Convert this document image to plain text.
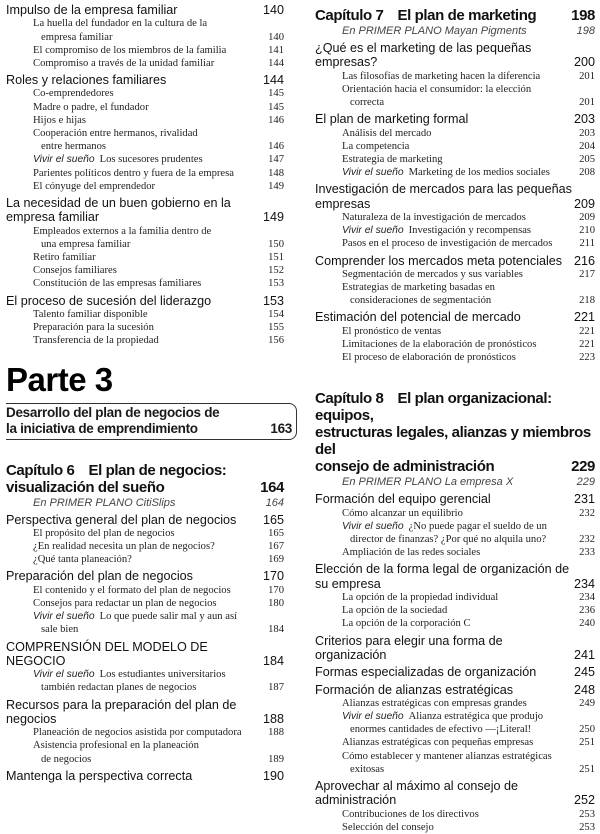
Impulso de la empresa familiar	140
La huella del fundador en la cultura de la
empresa familiar	140
El compromiso de los miembros de la familia	141
Compromiso a través de la unidad familiar	144
Roles y relaciones familiares	144
Co-emprendedores	145
Madre o padre, el fundador	145
Hijos e hijas	146
Cooperación entre hermanos, rivalidad
entre hermanos	146
Vivir el sueño Los sucesores prudentes	147
Parientes políticos dentro y fuera de la empresa	148
El cónyuge del emprendedor	149
La necesidad de un buen gobierno en la empresa familiar	149
Empleados externos a la familia dentro de
una empresa familiar	150
Retiro familiar	151
Consejos familiares	152
Constitución de las empresas familiares	153
El proceso de sucesión del liderazgo	153
Talento familiar disponible	154
Preparación para la sucesión	155
Transferencia de la propiedad	156
Parte 3
Desarrollo del plan de negocios de
la iniciativa de emprendimiento	163
Capítulo 6 El plan de negocios:
visualización del sueño	164
En PRIMER PLANO CitiSlips	164
Perspectiva general del plan de negocios	165
El propósito del plan de negocios	165
¿En realidad necesita un plan de negocios?	167
¿Qué tanta planeación?	169
Preparación del plan de negocios	170
El contenido y el formato del plan de negocios	170
Consejos para redactar un plan de negocios	180
Vivir el sueño Lo que puede salir mal y aun así
sale bien	184
COMPRENSIÓN DEL MODELO DE NEGOCIO	184
Vivir el sueño Los estudiantes universitarios
también redactan planes de negocios	187
Recursos para la preparación del plan de negocios	188
Planeación de negocios asistida por computadora	188
Asistencia profesional en la planeación
de negocios	189
Mantenga la perspectiva correcta	190
Capítulo 7 El plan de marketing	198
En PRIMER PLANO Mayan Pigments	198
¿Qué es el marketing de las pequeñas empresas?	200
Las filosofías de marketing hacen la diferencia	201
Orientación hacia el consumidor: la elección
correcta	201
El plan de marketing formal	203
Análisis del mercado	203
La competencia	204
Estrategia de marketing	205
Vivir el sueño Marketing de los medios sociales	208
Investigación de mercados para las pequeñas empresas	209
Naturaleza de la investigación de mercados	209
Vivir el sueño Investigación y recompensas	210
Pasos en el proceso de investigación de mercados	211
Comprender los mercados meta potenciales 216
Segmentación de mercados y sus variables	217
Estrategias de marketing basadas en
consideraciones de segmentación	218
Estimación del potencial de mercado	221
El pronóstico de ventas	221
Limitaciones de la elaboración de pronósticos	221
El proceso de elaboración de pronósticos	223
Capítulo 8 El plan organizacional: equipos,
estructuras legales, alianzas y miembros del
consejo de administración	229
En PRIMER PLANO La empresa X	229
Formación del equipo gerencial	231
Cómo alcanzar un equilibrio	232
Vivir el sueño ¿No puede pagar el sueldo de un
director de finanzas? ¿Por qué no alquila uno?	232
Ampliación de las redes sociales	233
Elección de la forma legal de organización de su empresa	234
La opción de la propiedad individual	234
La opción de la sociedad	236
La opción de la corporación C	240
Criterios para elegir una forma de organización	241
Formas especializadas de organización	245
Formación de alianzas estratégicas	248
Alianzas estratégicas con empresas grandes	249
Vivir el sueño Alianza estratégica que produjo
enormes cantidades de efectivo —¡Literal!	250
Alianzas estratégicas con pequeñas empresas	251
Cómo establecer y mantener alianzas estratégicas
exitosas	251
Aprovechar al máximo al consejo de administración	252
Contribuciones de los directivos	253
Selección del consejo	253
